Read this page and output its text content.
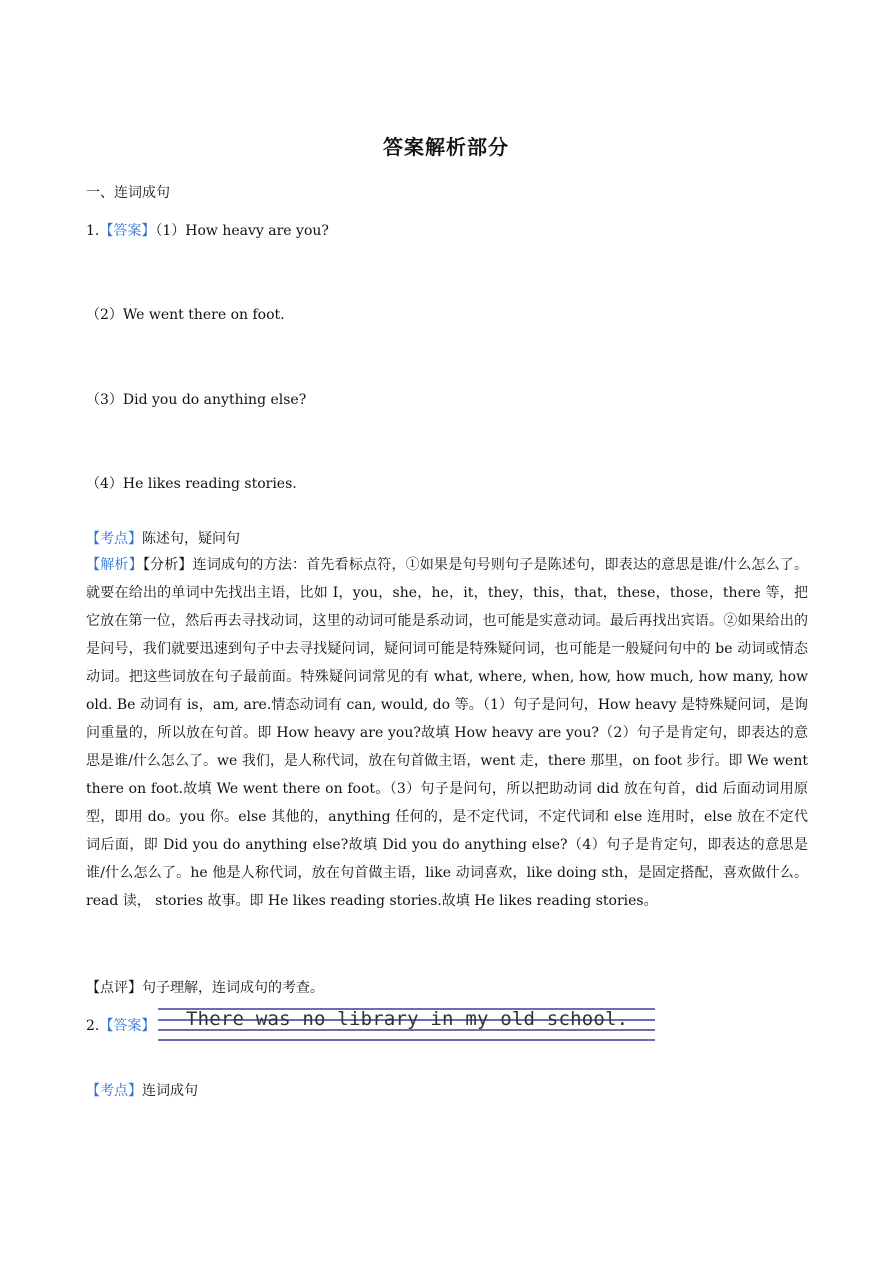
答案解析部分
一、连词成句
1.【答案】（1）How heavy are you?
（2）We went there on foot.
（3）Did you do anything else?
（4）He likes reading stories.
【考点】陈述句，疑问句
【解析】【分析】连词成句的方法：首先看标点符，①如果是句号则句子是陈述句，即表达的意思是谁/什么怎么了。就要在给出的单词中先找出主语，比如 I，you，she，he，it，they，this，that，these，those，there 等，把它放在第一位，然后再去寻找动词，这里的动词可能是系动词，也可能是实意动词。最后再找出宾语。②如果给出的是问号，我们就要迅速到句子中去寻找疑问词，疑问词可能是特殊疑问词，也可能是一般疑问句中的 be 动词或情态动词。把这些词放在句子最前面。特殊疑问词常见的有 what, where, when, how, how much, how many, how old. Be 动词有 is，am, are.情态动词有 can, would, do 等。（1）句子是问句，How heavy 是特殊疑问词，是询问重量的，所以放在句首。即 How heavy are you?故填 How heavy are you?（2）句子是肯定句，即表达的意思是谁/什么怎么了。we 我们，是人称代词，放在句首做主语，went 走，there 那里，on foot 步行。即 We went there on foot.故填 We went there on foot。（3）句子是问句，所以把助动词 did 放在句首，did 后面动词用原型，即用 do。you 你。else 其他的，anything 任何的，是不定代词，不定代词和 else 连用时，else 放在不定代词后面，即 Did you do anything else?故填 Did you do anything else?（4）句子是肯定句，即表达的意思是谁/什么怎么了。he 他是人称代词，放在句首做主语，like 动词喜欢，like doing sth，是固定搭配，喜欢做什么。read 读， stories 故事。即 He likes reading stories.故填 He likes reading stories。
【点评】句子理解，连词成句的考查。
2.【答案】 There was no library in my old school.
【考点】连词成句
